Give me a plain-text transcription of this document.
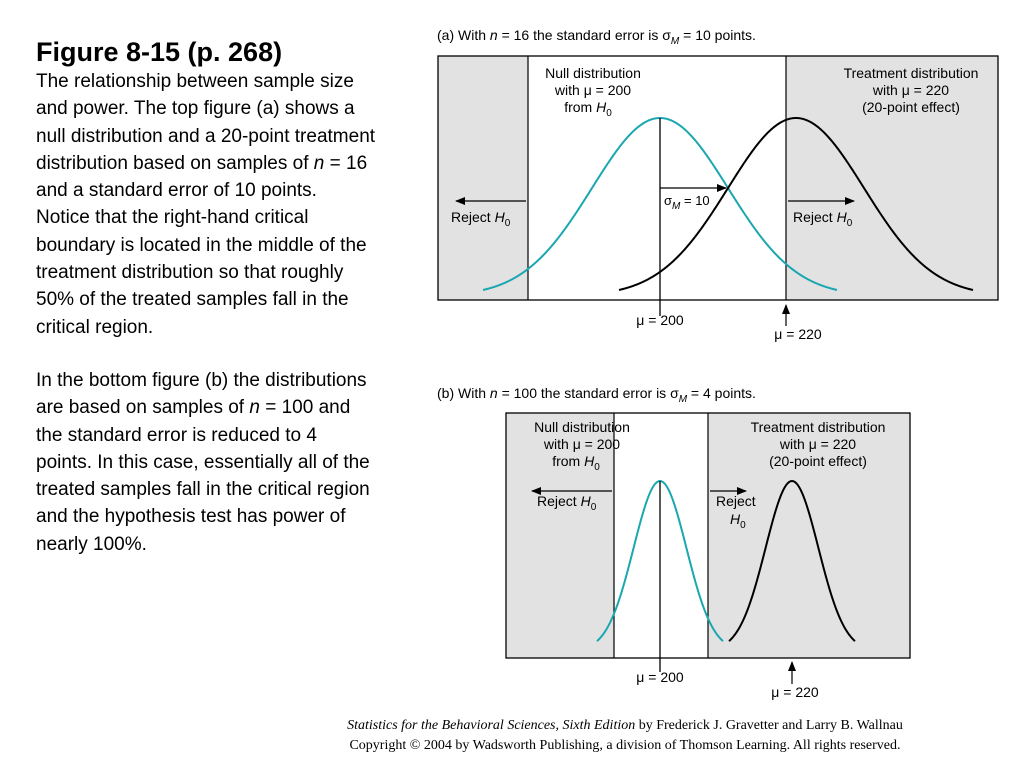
Figure 8-15 (p. 268)

The relationship between sample size and power. The top figure (a) shows a null distribution and a 20-point treatment distribution based on samples of n = 16 and a standard error of 10 points. Notice that the right-hand critical boundary is located in the middle of the treatment distribution so that roughly 50% of the treated samples fall in the critical region.

In the bottom figure (b) the distributions are based on samples of n = 100 and the standard error is reduced to 4 points. In this case, essentially all of the treated samples fall in the critical region and the hypothesis test has power of nearly 100%.

(a) With n = 16 the standard error is $\sigma_M = 10$ points.
$\sigma_M = 10$
Reject $H_0$	Reject $H_0$
Null distribution with μ = 200 from $H_0$
Treatment distribution with μ = 220 (20-point effect)
μ = 200
μ = 220
(b) With n = 100 the standard error is $\sigma_M = 4$ points.
Reject $H_0$	Reject $H_0$
Null distribution with μ = 200 from $H_0$
Treatment distribution with μ = 220 (20-point effect)
μ = 200
μ = 220
Statistics for the Behavioral Sciences, Sixth Edition by Frederick J. Gravetter and Larry B. Wallnau
Copyright © 2004 by Wadsworth Publishing, a division of Thomson Learning. All rights reserved.
